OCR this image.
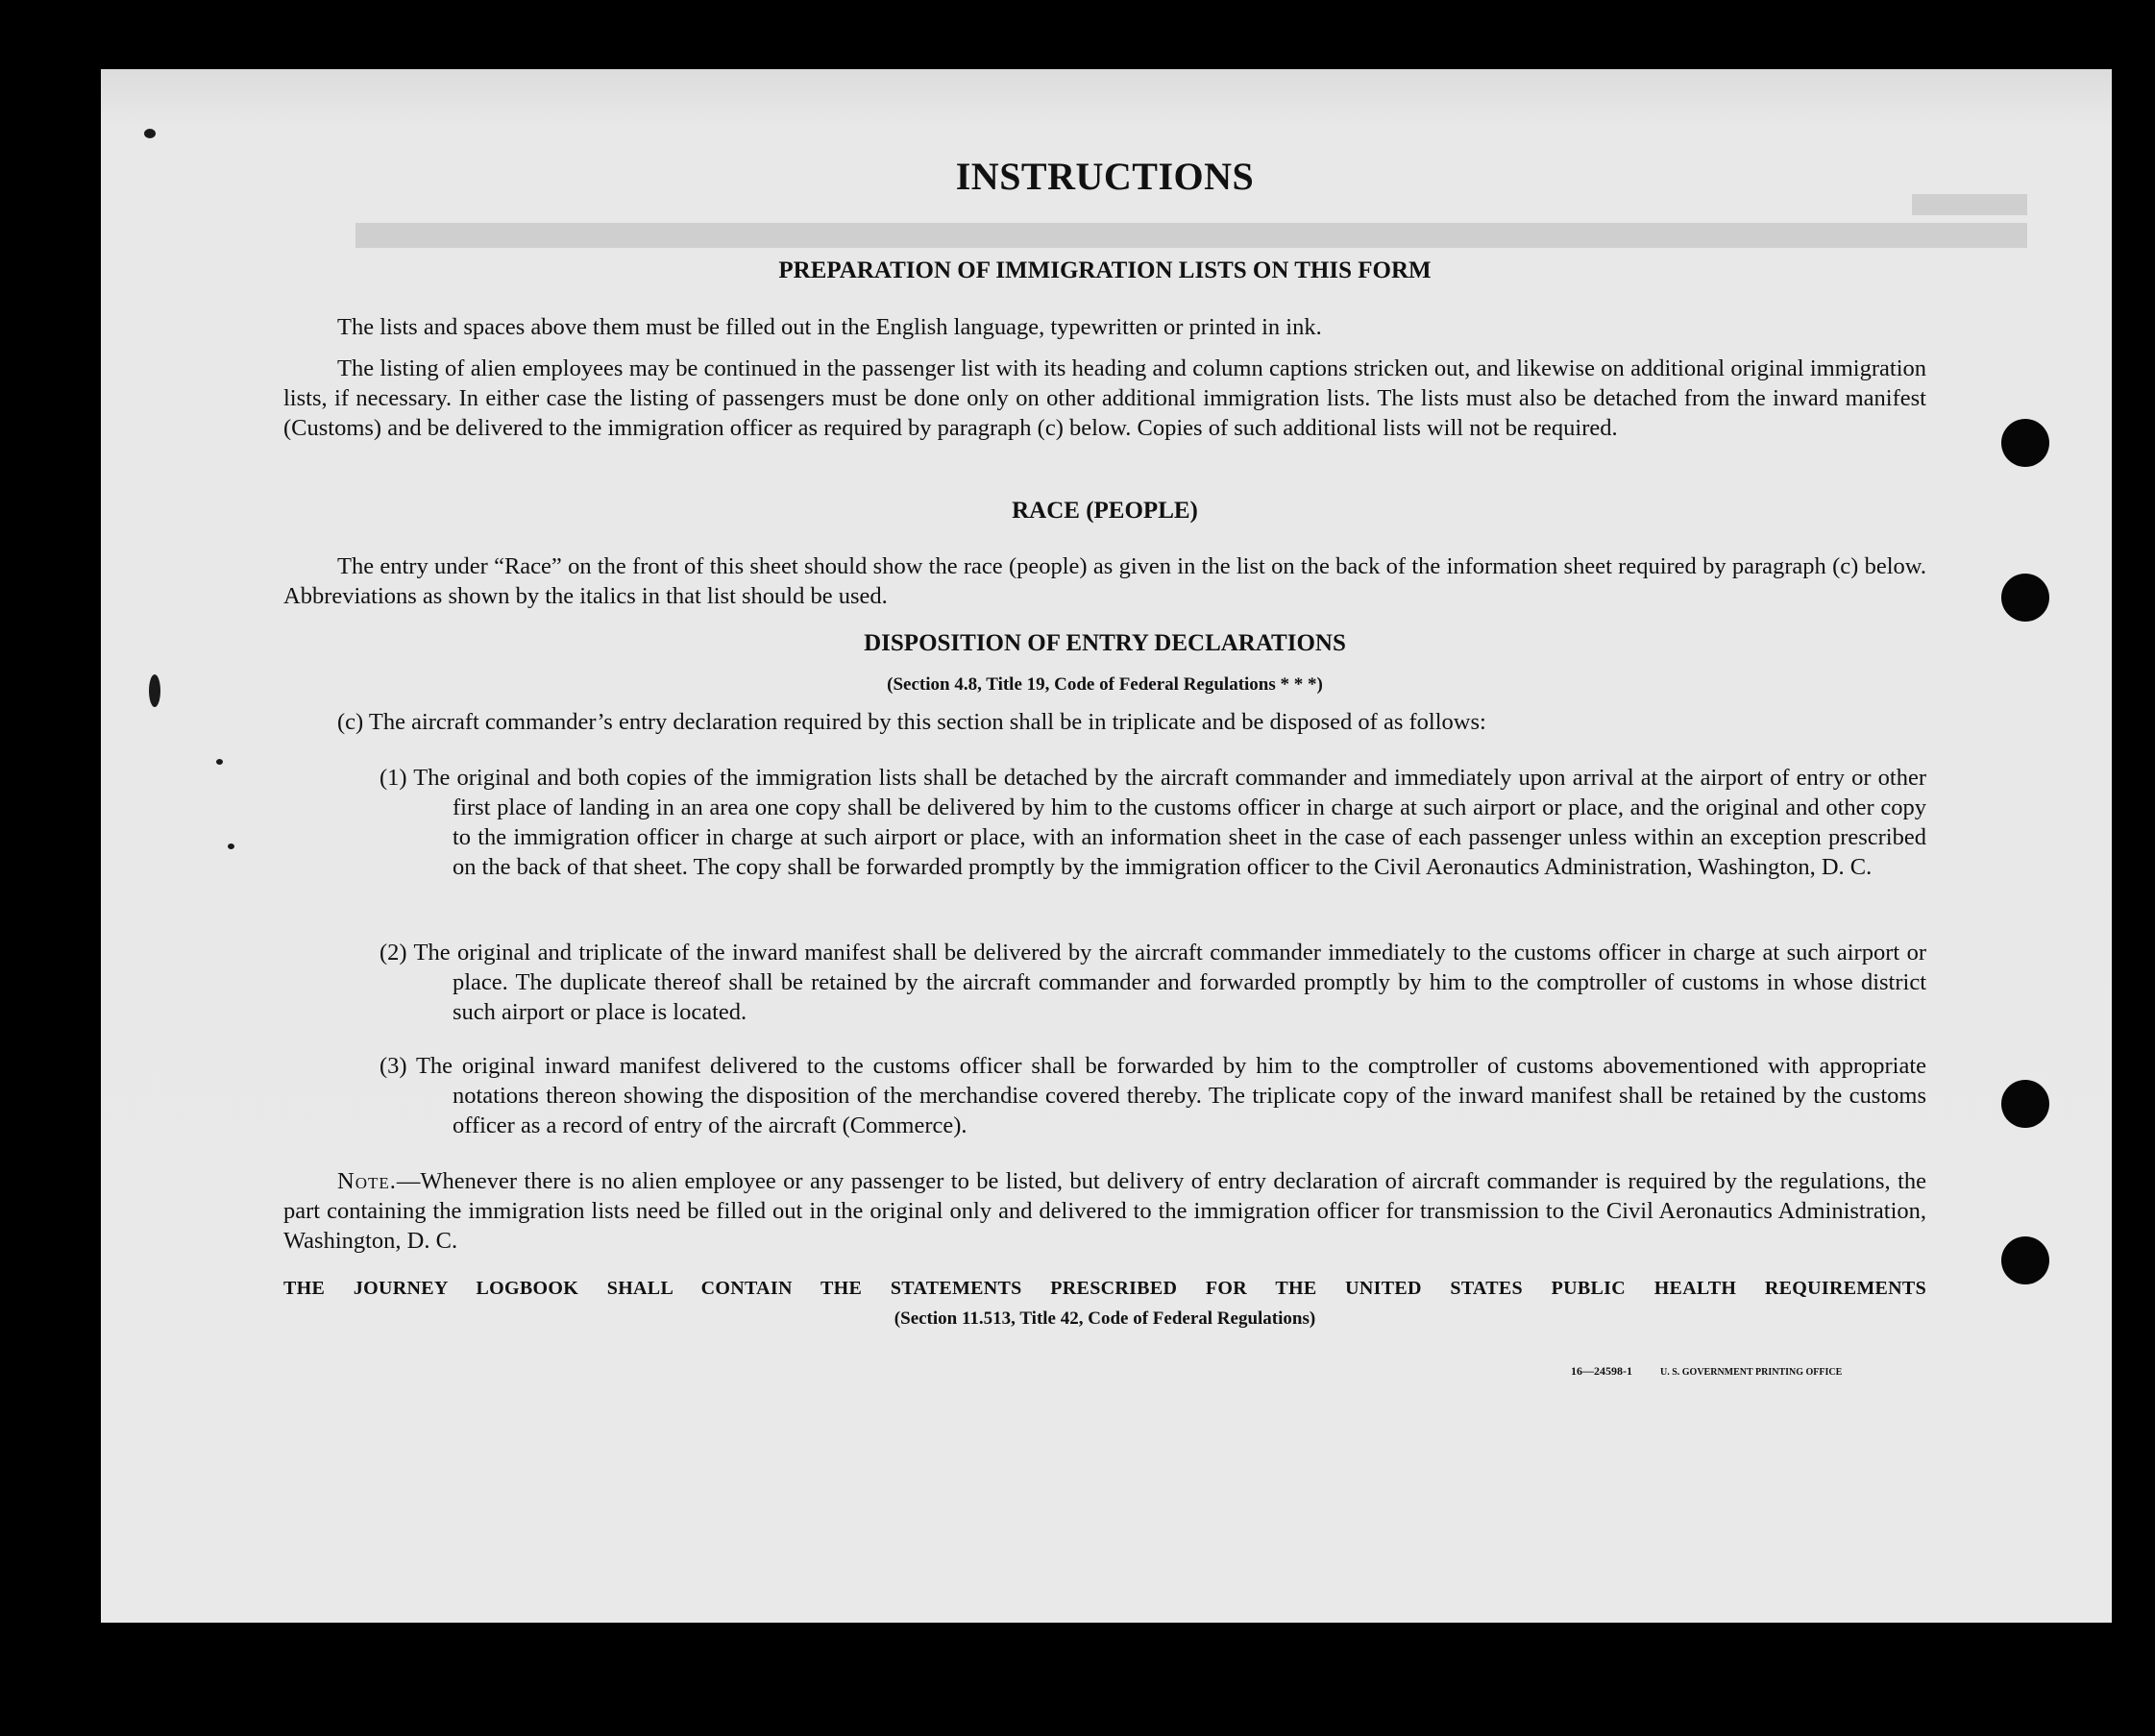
INSTRUCTIONS
PREPARATION OF IMMIGRATION LISTS ON THIS FORM
The lists and spaces above them must be filled out in the English language, typewritten or printed in ink.
The listing of alien employees may be continued in the passenger list with its heading and column captions stricken out, and likewise on additional original immigration lists, if necessary. In either case the listing of passengers must be done only on other additional immigration lists. The lists must also be detached from the inward manifest (Customs) and be delivered to the immigration officer as required by paragraph (c) below. Copies of such additional lists will not be required.
RACE (PEOPLE)
The entry under “Race” on the front of this sheet should show the race (people) as given in the list on the back of the information sheet required by paragraph (c) below. Abbreviations as shown by the italics in that list should be used.
DISPOSITION OF ENTRY DECLARATIONS
(Section 4.8, Title 19, Code of Federal Regulations * * *)
(c) The aircraft commander’s entry declaration required by this section shall be in triplicate and be disposed of as follows:
(1) The original and both copies of the immigration lists shall be detached by the aircraft commander and immediately upon arrival at the airport of entry or other first place of landing in an area one copy shall be delivered by him to the customs officer in charge at such airport or place, and the original and other copy to the immigration officer in charge at such airport or place, with an information sheet in the case of each passenger unless within an exception prescribed on the back of that sheet. The copy shall be forwarded promptly by the immigration officer to the Civil Aeronautics Administration, Washington, D. C.
(2) The original and triplicate of the inward manifest shall be delivered by the aircraft commander immediately to the customs officer in charge at such airport or place. The duplicate thereof shall be retained by the aircraft commander and forwarded promptly by him to the comptroller of customs in whose district such airport or place is located.
(3) The original inward manifest delivered to the customs officer shall be forwarded by him to the comptroller of customs abovementioned with appropriate notations thereon showing the disposition of the merchandise covered thereby. The triplicate copy of the inward manifest shall be retained by the customs officer as a record of entry of the aircraft (Commerce).
Note.—Whenever there is no alien employee or any passenger to be listed, but delivery of entry declaration of aircraft commander is required by the regulations, the part containing the immigration lists need be filled out in the original only and delivered to the immigration officer for transmission to the Civil Aeronautics Administration, Washington, D. C.
THE JOURNEY LOGBOOK SHALL CONTAIN THE STATEMENTS PRESCRIBED FOR THE UNITED STATES PUBLIC HEALTH REQUIREMENTS
(Section 11.513, Title 42, Code of Federal Regulations)
16—24598-1	U. S. GOVERNMENT PRINTING OFFICE
